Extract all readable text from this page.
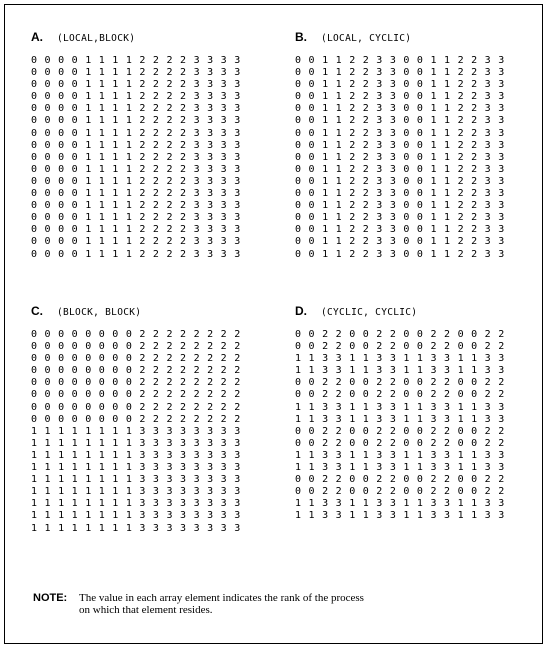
A. (LOCAL,BLOCK)
0 0 0 0 1 1 1 1 2 2 2 2 3 3 3 3
0 0 0 0 1 1 1 1 2 2 2 2 3 3 3 3
0 0 0 0 1 1 1 1 2 2 2 2 3 3 3 3
0 0 0 0 1 1 1 1 2 2 2 2 3 3 3 3
0 0 0 0 1 1 1 1 2 2 2 2 3 3 3 3
0 0 0 0 1 1 1 1 2 2 2 2 3 3 3 3
0 0 0 0 1 1 1 1 2 2 2 2 3 3 3 3
0 0 0 0 1 1 1 1 2 2 2 2 3 3 3 3
0 0 0 0 1 1 1 1 2 2 2 2 3 3 3 3
0 0 0 0 1 1 1 1 2 2 2 2 3 3 3 3
0 0 0 0 1 1 1 1 2 2 2 2 3 3 3 3
0 0 0 0 1 1 1 1 2 2 2 2 3 3 3 3
0 0 0 0 1 1 1 1 2 2 2 2 3 3 3 3
0 0 0 0 1 1 1 1 2 2 2 2 3 3 3 3
0 0 0 0 1 1 1 1 2 2 2 2 3 3 3 3
0 0 0 0 1 1 1 1 2 2 2 2 3 3 3 3
0 0 0 0 1 1 1 1 2 2 2 2 3 3 3 3
B. (LOCAL, CYCLIC)
0 0 1 1 2 2 3 3 0 0 1 1 2 2 3 3
0 0 1 1 2 2 3 3 0 0 1 1 2 2 3 3
0 0 1 1 2 2 3 3 0 0 1 1 2 2 3 3
0 0 1 1 2 2 3 3 0 0 1 1 2 2 3 3
0 0 1 1 2 2 3 3 0 0 1 1 2 2 3 3
0 0 1 1 2 2 3 3 0 0 1 1 2 2 3 3
0 0 1 1 2 2 3 3 0 0 1 1 2 2 3 3
0 0 1 1 2 2 3 3 0 0 1 1 2 2 3 3
0 0 1 1 2 2 3 3 0 0 1 1 2 2 3 3
0 0 1 1 2 2 3 3 0 0 1 1 2 2 3 3
0 0 1 1 2 2 3 3 0 0 1 1 2 2 3 3
0 0 1 1 2 2 3 3 0 0 1 1 2 2 3 3
0 0 1 1 2 2 3 3 0 0 1 1 2 2 3 3
0 0 1 1 2 2 3 3 0 0 1 1 2 2 3 3
0 0 1 1 2 2 3 3 0 0 1 1 2 2 3 3
0 0 1 1 2 2 3 3 0 0 1 1 2 2 3 3
0 0 1 1 2 2 3 3 0 0 1 1 2 2 3 3
C. (BLOCK, BLOCK)
0 0 0 0 0 0 0 0 2 2 2 2 2 2 2 2
0 0 0 0 0 0 0 0 2 2 2 2 2 2 2 2
0 0 0 0 0 0 0 0 2 2 2 2 2 2 2 2
0 0 0 0 0 0 0 0 2 2 2 2 2 2 2 2
0 0 0 0 0 0 0 0 2 2 2 2 2 2 2 2
0 0 0 0 0 0 0 0 2 2 2 2 2 2 2 2
0 0 0 0 0 0 0 0 2 2 2 2 2 2 2 2
0 0 0 0 0 0 0 0 2 2 2 2 2 2 2 2
1 1 1 1 1 1 1 1 3 3 3 3 3 3 3 3
1 1 1 1 1 1 1 1 3 3 3 3 3 3 3 3
1 1 1 1 1 1 1 1 3 3 3 3 3 3 3 3
1 1 1 1 1 1 1 1 3 3 3 3 3 3 3 3
1 1 1 1 1 1 1 1 3 3 3 3 3 3 3 3
1 1 1 1 1 1 1 1 3 3 3 3 3 3 3 3
1 1 1 1 1 1 1 1 3 3 3 3 3 3 3 3
1 1 1 1 1 1 1 1 3 3 3 3 3 3 3 3
1 1 1 1 1 1 1 1 3 3 3 3 3 3 3 3
D. (CYCLIC, CYCLIC)
0 0 2 2 0 0 2 2 0 0 2 2 0 0 2 2
0 0 2 2 0 0 2 2 0 0 2 2 0 0 2 2
1 1 3 3 1 1 3 3 1 1 3 3 1 1 3 3
1 1 3 3 1 1 3 3 1 1 3 3 1 1 3 3
0 0 2 2 0 0 2 2 0 0 2 2 0 0 2 2
0 0 2 2 0 0 2 2 0 0 2 2 0 0 2 2
1 1 3 3 1 1 3 3 1 1 3 3 1 1 3 3
1 1 3 3 1 1 3 3 1 1 3 3 1 1 3 3
0 0 2 2 0 0 2 2 0 0 2 2 0 0 2 2
0 0 2 2 0 0 2 2 0 0 2 2 0 0 2 2
1 1 3 3 1 1 3 3 1 1 3 3 1 1 3 3
1 1 3 3 1 1 3 3 1 1 3 3 1 1 3 3
0 0 2 2 0 0 2 2 0 0 2 2 0 0 2 2
0 0 2 2 0 0 2 2 0 0 2 2 0 0 2 2
1 1 3 3 1 1 3 3 1 1 3 3 1 1 3 3
1 1 3 3 1 1 3 3 1 1 3 3 1 1 3 3
NOTE: The value in each array element indicates the rank of the process
on which that element resides.
